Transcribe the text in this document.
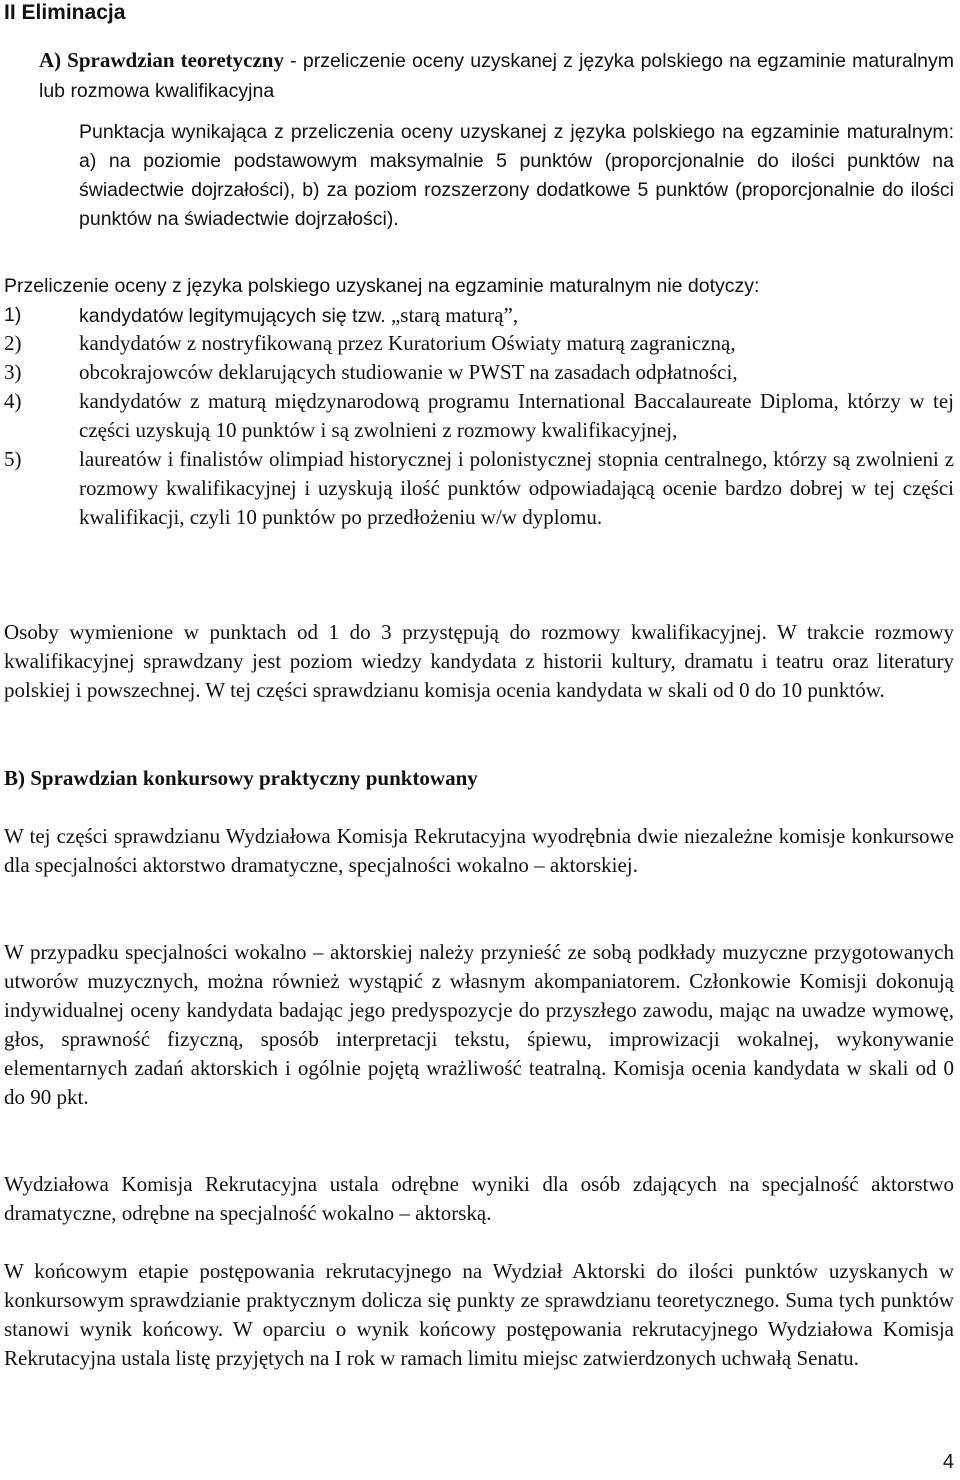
II Eliminacja

A) Sprawdzian teoretyczny - przeliczenie oceny uzyskanej z języka polskiego na egzaminie maturalnym lub rozmowa kwalifikacyjna

Punktacja wynikająca z przeliczenia oceny uzyskanej z języka polskiego na egzaminie maturalnym: a) na poziomie podstawowym maksymalnie 5 punktów (proporcjonalnie do ilości punktów na świadectwie dojrzałości), b) za poziom rozszerzony dodatkowe 5 punktów (proporcjonalnie do ilości punktów na świadectwie dojrzałości).

Przeliczenie oceny z języka polskiego uzyskanej na egzaminie maturalnym nie dotyczy:

1)	kandydatów legitymujących się tzw. „starą maturą”,
2)	kandydatów z nostryfikowaną przez Kuratorium Oświaty maturą zagraniczną,
3)	obcokrajowców deklarujących studiowanie w PWST na zasadach odpłatności,
4)	kandydatów z maturą międzynarodową programu International Baccalaureate Diploma, którzy w tej części uzyskują 10 punktów i są zwolnieni z rozmowy kwalifikacyjnej,
5)	laureatów i finalistów olimpiad historycznej i polonistycznej stopnia centralnego, którzy są zwolnieni z rozmowy kwalifikacyjnej i uzyskują ilość punktów odpowiadającą ocenie bardzo dobrej w tej części kwalifikacji, czyli 10 punktów po przedłożeniu w/w dyplomu.

Osoby wymienione w punktach od 1 do 3 przystępują do rozmowy kwalifikacyjnej. W trakcie rozmowy kwalifikacyjnej sprawdzany jest poziom wiedzy kandydata z historii kultury, dramatu i teatru oraz literatury polskiej i powszechnej. W tej części sprawdzianu komisja ocenia kandydata w skali od 0 do 10 punktów.

B) Sprawdzian konkursowy praktyczny punktowany

W tej części sprawdzianu Wydziałowa Komisja Rekrutacyjna wyodrębnia dwie niezależne komisje konkursowe dla specjalności aktorstwo dramatyczne, specjalności wokalno – aktorskiej.

W przypadku specjalności wokalno – aktorskiej należy przynieść ze sobą podkłady muzyczne przygotowanych utworów muzycznych, można również wystąpić z własnym akompaniatorem. Członkowie Komisji dokonują indywidualnej oceny kandydata badając jego predyspozycje do przyszłego zawodu, mając na uwadze wymowę, głos, sprawność fizyczną, sposób interpretacji tekstu, śpiewu, improwizacji wokalnej, wykonywanie elementarnych zadań aktorskich i ogólnie pojętą wrażliwość teatralną. Komisja ocenia kandydata w skali od 0 do 90 pkt.

Wydziałowa Komisja Rekrutacyjna ustala odrębne wyniki dla osób zdających na specjalność aktorstwo dramatyczne, odrębne na specjalność wokalno – aktorską.

W końcowym etapie postępowania rekrutacyjnego na Wydział Aktorski do ilości punktów uzyskanych w konkursowym sprawdzianie praktycznym dolicza się punkty ze sprawdzianu teoretycznego. Suma tych punktów stanowi wynik końcowy. W oparciu o wynik końcowy postępowania rekrutacyjnego Wydziałowa Komisja Rekrutacyjna ustala listę przyjętych na I rok w ramach limitu miejsc zatwierdzonych uchwałą Senatu.

4
